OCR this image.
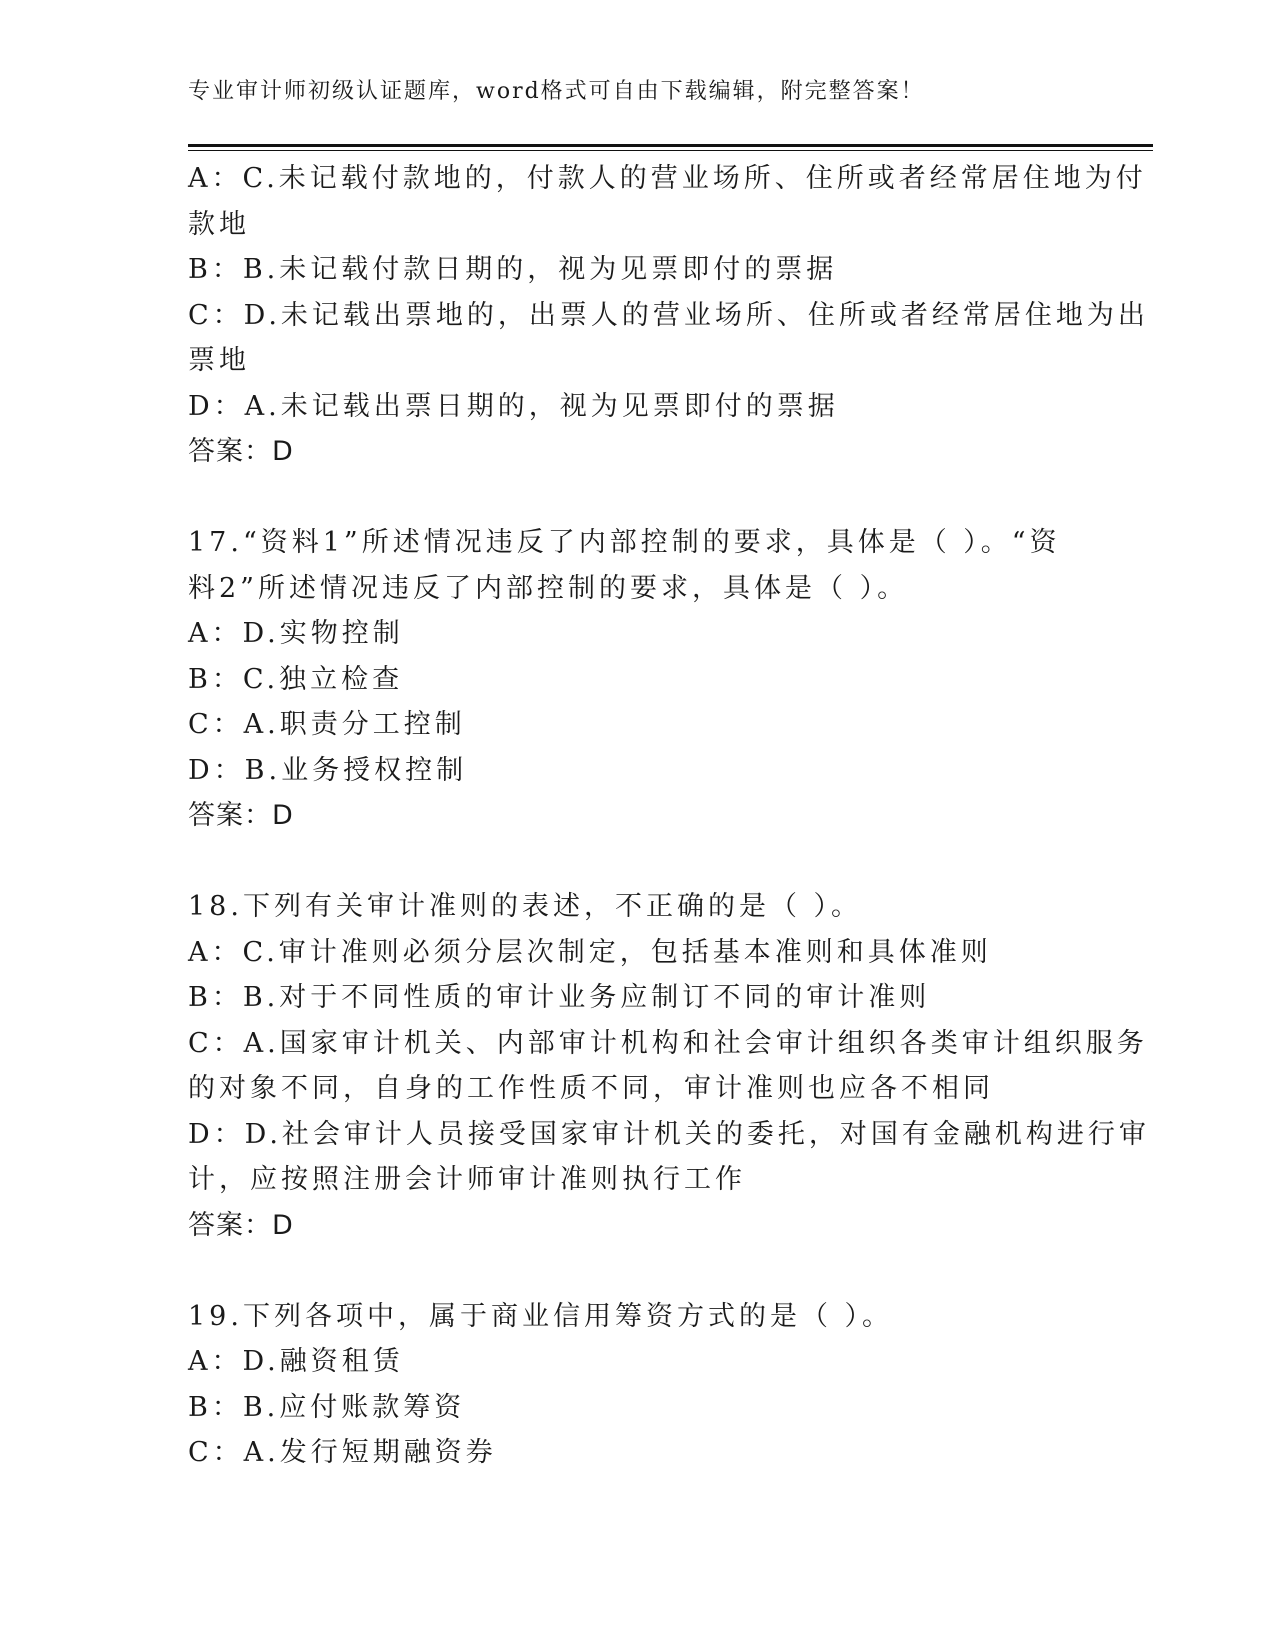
专业审计师初级认证题库，word格式可自由下载编辑，附完整答案！
A：C.未记载付款地的，付款人的营业场所、住所或者经常居住地为付
款地
B：B.未记载付款日期的，视为见票即付的票据
C：D.未记载出票地的，出票人的营业场所、住所或者经常居住地为出
票地
D：A.未记载出票日期的，视为见票即付的票据
答案：D
17.“资料1”所述情况违反了内部控制的要求，具体是（ ）。“资
料2”所述情况违反了内部控制的要求，具体是（ ）。
A：D.实物控制
B：C.独立检查
C：A.职责分工控制
D：B.业务授权控制
答案：D
18.下列有关审计准则的表述，不正确的是（ ）。
A：C.审计准则必须分层次制定，包括基本准则和具体准则
B：B.对于不同性质的审计业务应制订不同的审计准则
C：A.国家审计机关、内部审计机构和社会审计组织各类审计组织服务
的对象不同，自身的工作性质不同，审计准则也应各不相同
D：D.社会审计人员接受国家审计机关的委托，对国有金融机构进行审
计，应按照注册会计师审计准则执行工作
答案：D
19.下列各项中，属于商业信用筹资方式的是（ ）。
A：D.融资租赁
B：B.应付账款筹资
C：A.发行短期融资券
